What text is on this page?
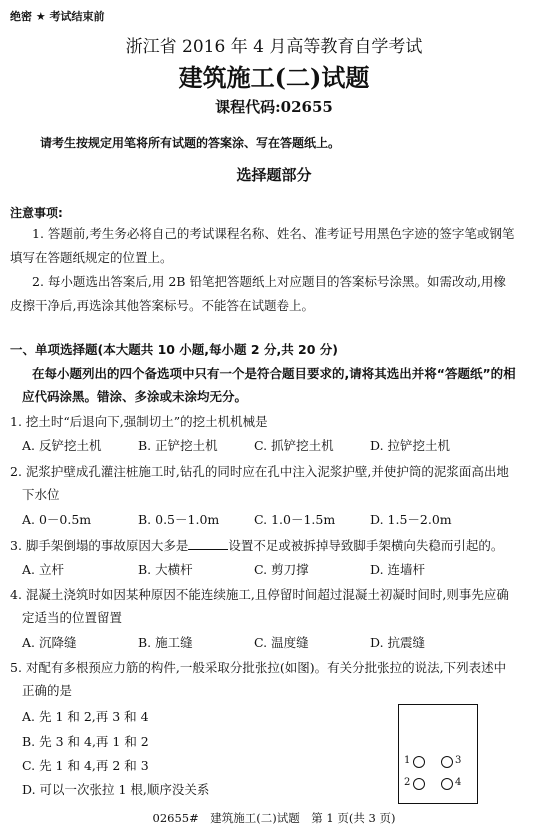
绝密 ★ 考试结束前
浙江省 2016 年 4 月高等教育自学考试
建筑施工(二)试题
课程代码:02655
请考生按规定用笔将所有试题的答案涂、写在答题纸上。
选择题部分
注意事项:
1. 答题前,考生务必将自己的考试课程名称、姓名、准考证号用黑色字迹的签字笔或钢笔
填写在答题纸规定的位置上。
2. 每小题选出答案后,用 2B 铅笔把答题纸上对应题目的答案标号涂黑。如需改动,用橡
皮擦干净后,再选涂其他答案标号。不能答在试题卷上。
一、单项选择题(本大题共 10 小题,每小题 2 分,共 20 分)
在每小题列出的四个备选项中只有一个是符合题目要求的,请将其选出并将“答题纸”的相
应代码涂黑。错涂、多涂或未涂均无分。
1. 挖土时“后退向下,强制切土”的挖土机机械是
A. 反铲挖土机	B. 正铲挖土机	C. 抓铲挖土机	D. 拉铲挖土机
2. 泥浆护壁成孔灌注桩施工时,钻孔的同时应在孔中注入泥浆护壁,并使护筒的泥浆面高出地
下水位
A. 0－0.5m	B. 0.5－1.0m	C. 1.0－1.5m	D. 1.5－2.0m
3. 脚手架倒塌的事故原因大多是	设置不足或被拆掉导致脚手架横向失稳而引起的。
A. 立杆	B. 大横杆	C. 剪刀撑	D. 连墙杆
4. 混凝土浇筑时如因某种原因不能连续施工,且停留时间超过混凝土初凝时间时,则事先应确
定适当的位置留置
A. 沉降缝	B. 施工缝	C. 温度缝	D. 抗震缝
5. 对配有多根预应力筋的构件,一般采取分批张拉(如图)。有关分批张拉的说法,下列表述中
正确的是
A. 先 1 和 2,再 3 和 4
B. 先 3 和 4,再 1 和 2
C. 先 1 和 4,再 2 和 3
D. 可以一次张拉 1 根,顺序没关系
1	3
2	4
02655#　建筑施工(二)试题　第 1 页(共 3 页)
